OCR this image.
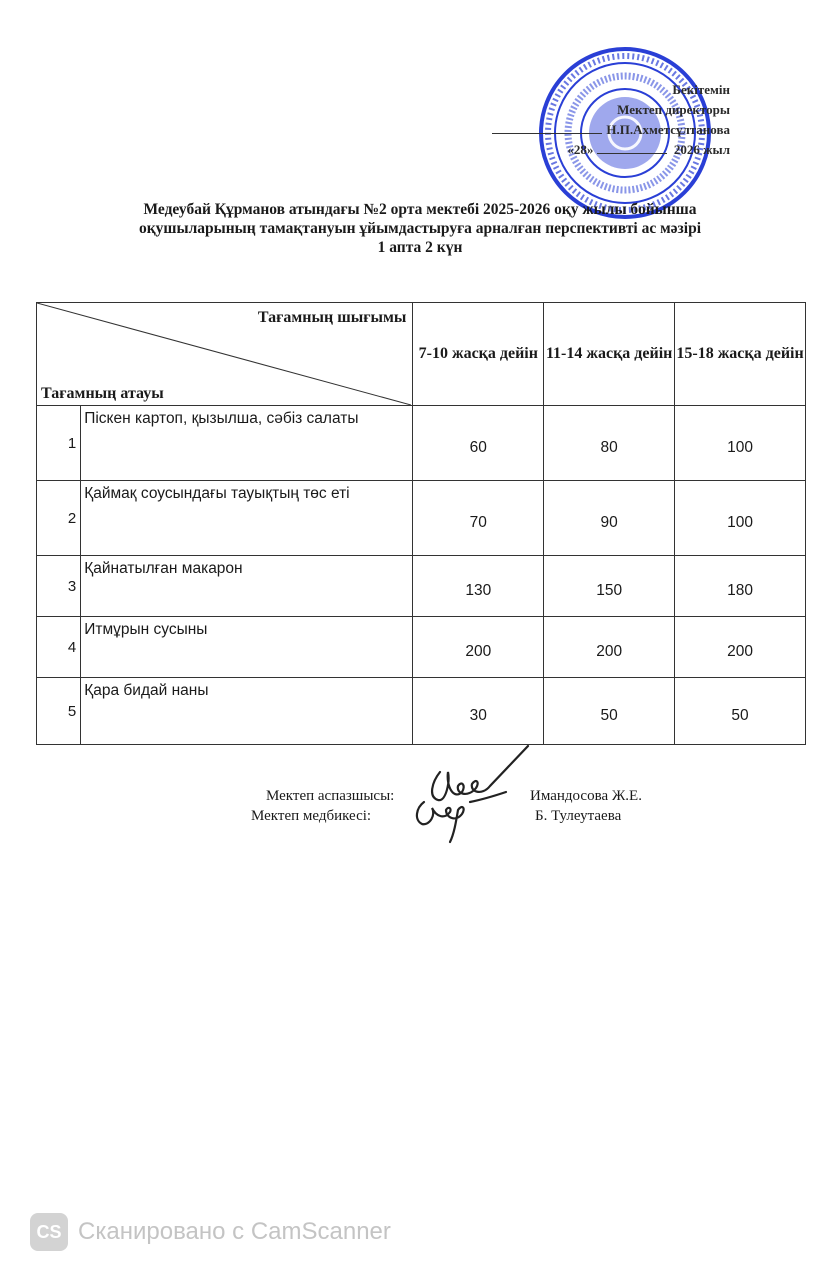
Бекітемін
Мектеп директоры
Н.П.Ахметсұлтанова
«28»	2026 жыл
Медеубай Құрманов атындағы №2 орта мектебі 2025-2026 оқу жылы бойынша
оқушыларының тамақтануын ұйымдастыруға арналған перспективті ас мәзірі
1 апта 2 күн
Тағамның шығымы
Тағамның атауы		7-10 жасқа дейін	11-14 жасқа дейін	15-18 жасқа дейін
1	Піскен картоп, қызылша, сәбіз салаты	60	80	100
2	Қаймақ соусындағы тауықтың төс еті	70	90	100
3	Қайнатылған макарон	130	150	180
4	Итмұрын сусыны	200	200	200
5	Қара бидай наны	30	50	50
Мектеп аспазшысы:	Имандосова Ж.Е.
Мектеп медбикесі:	Б. Тулеутаева
CS Сканировано с CamScanner
